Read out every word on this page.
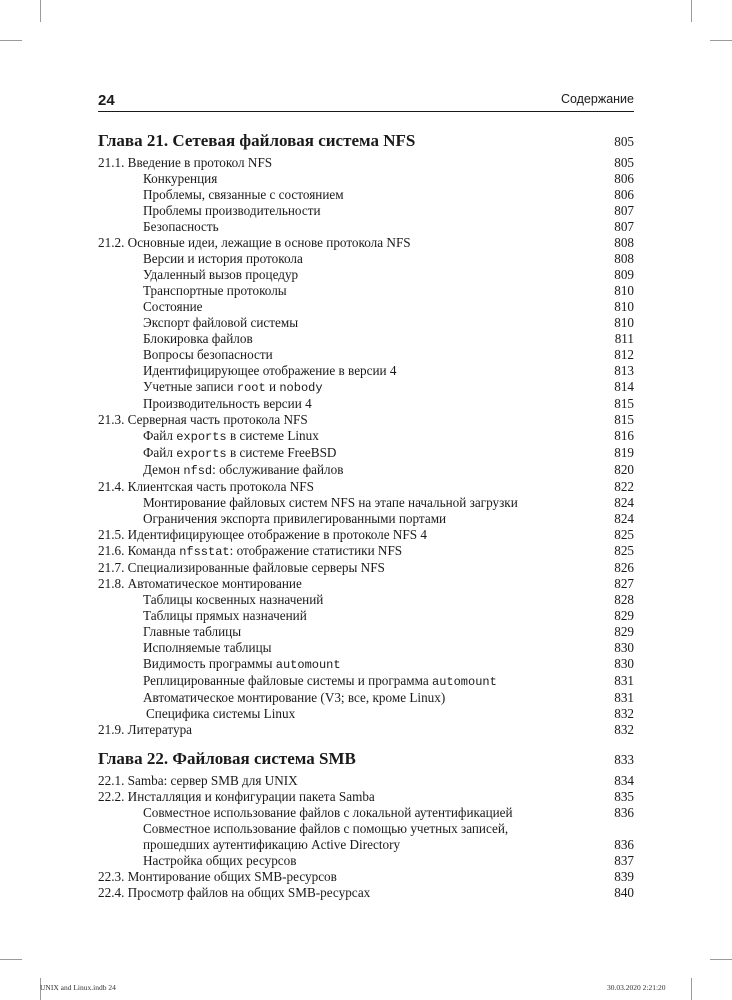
24	Содержание
Глава 21. Сетевая файловая система NFS	805
21.1. Введение в протокол NFS	805
Конкуренция	806
Проблемы, связанные с состоянием	806
Проблемы производительности	807
Безопасность	807
21.2. Основные идеи, лежащие в основе протокола NFS	808
Версии и история протокола	808
Удаленный вызов процедур	809
Транспортные протоколы	810
Состояние	810
Экспорт файловой системы	810
Блокировка файлов	811
Вопросы безопасности	812
Идентифицирующее отображение в версии 4	813
Учетные записи root и nobody	814
Производительность версии 4	815
21.3. Серверная часть протокола NFS	815
Файл exports в системе Linux	816
Файл exports в системе FreeBSD	819
Демон nfsd: обслуживание файлов	820
21.4. Клиентская часть протокола NFS	822
Монтирование файловых систем NFS на этапе начальной загрузки	824
Ограничения экспорта привилегированными портами	824
21.5. Идентифицирующее отображение в протоколе NFS 4	825
21.6. Команда nfsstat: отображение статистики NFS	825
21.7. Специализированные файловые серверы NFS	826
21.8. Автоматическое монтирование	827
Таблицы косвенных назначений	828
Таблицы прямых назначений	829
Главные таблицы	829
Исполняемые таблицы	830
Видимость программы automount	830
Реплицированные файловые системы и программа automount	831
Автоматическое монтирование (V3; все, кроме Linux)	831
Специфика системы Linux	832
21.9. Литература	832
Глава 22. Файловая система SMB	833
22.1. Samba: сервер SMB для UNIX	834
22.2. Инсталляция и конфигурации пакета Samba	835
Совместное использование файлов с локальной аутентификацией	836
Совместное использование файлов с помощью учетных записей,
прошедших аутентификацию Active Directory	836
Настройка общих ресурсов	837
22.3. Монтирование общих SMB-ресурсов	839
22.4. Просмотр файлов на общих SMB-ресурсах	840
UNIX and Linux.indb 24	30.03.2020 2:21:20
